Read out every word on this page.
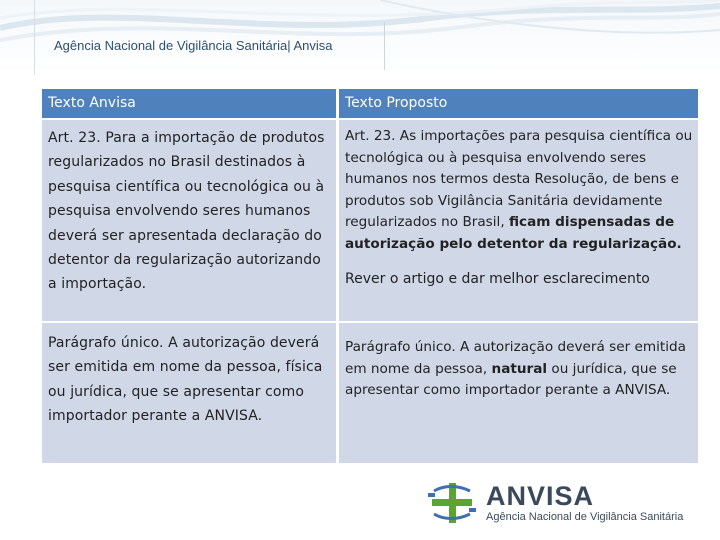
Agência Nacional de Vigilância Sanitária| Anvisa
Texto Anvisa	Texto Proposto
Art. 23. Para a importação de produtos regularizados no Brasil destinados à pesquisa científica ou tecnológica ou à pesquisa envolvendo seres humanos deverá ser apresentada declaração do detentor da regularização autorizando a importação.
Art. 23. As importações para pesquisa científica ou tecnológica ou à pesquisa envolvendo seres humanos nos termos desta Resolução, de bens e produtos sob Vigilância Sanitária devidamente regularizados no Brasil, ficam dispensadas de autorização pelo detentor da regularização.
Rever o artigo e dar melhor esclarecimento
Parágrafo único. A autorização deverá ser emitida em nome da pessoa, física ou jurídica, que se apresentar como importador perante a ANVISA.
Parágrafo único. A autorização deverá ser emitida em nome da pessoa, natural ou jurídica, que se apresentar como importador perante a ANVISA.
ANVISA
Agência Nacional de Vigilância Sanitária
